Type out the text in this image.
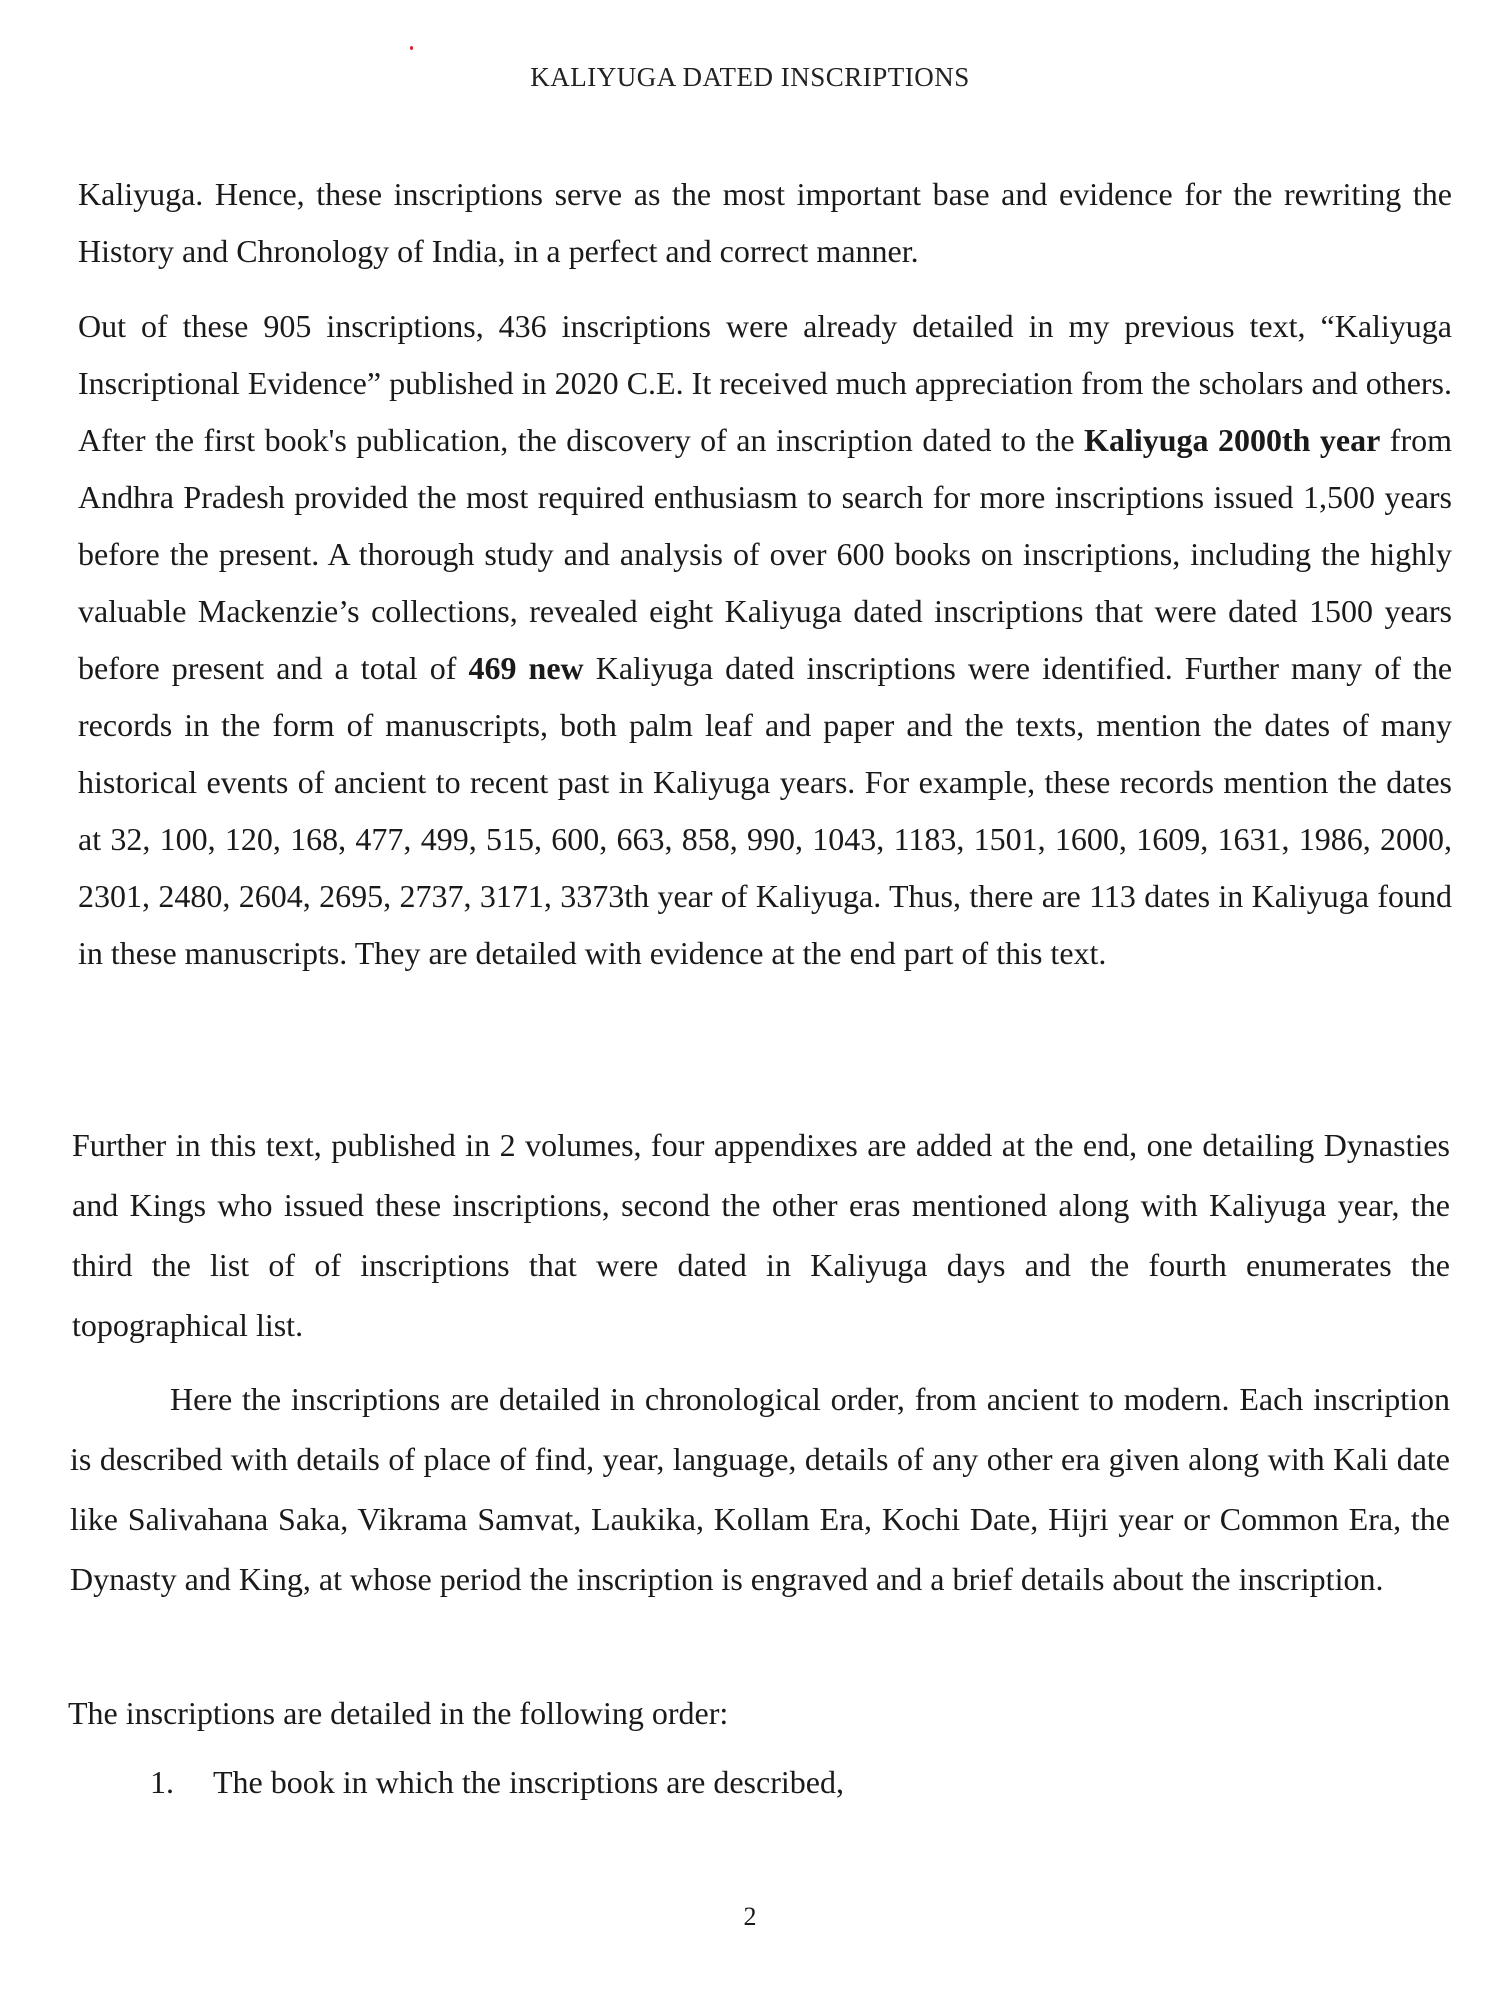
KALIYUGA DATED INSCRIPTIONS

Kaliyuga. Hence, these inscriptions serve as the most important base and evidence for the rewriting the History and Chronology of India, in a perfect and correct manner.

Out of these 905 inscriptions, 436 inscriptions were already detailed in my previous text, “Kaliyuga Inscriptional Evidence” published in 2020 C.E. It received much appreciation from the scholars and others. After the first book's publication, the discovery of an inscription dated to the Kaliyuga 2000th year from Andhra Pradesh provided the most required enthusiasm to search for more inscriptions issued 1,500 years before the present. A thorough study and analysis of over 600 books on inscriptions, including the highly valuable Mackenzie’s collections, revealed eight Kaliyuga dated inscriptions that were dated 1500 years before present and a total of 469 new Kaliyuga dated inscriptions were identified. Further many of the records in the form of manuscripts, both palm leaf and paper and the texts, mention the dates of many historical events of ancient to recent past in Kaliyuga years. For example, these records mention the dates at 32, 100, 120, 168, 477, 499, 515, 600, 663, 858, 990, 1043, 1183, 1501, 1600, 1609, 1631, 1986, 2000, 2301, 2480, 2604, 2695, 2737, 3171, 3373th year of Kaliyuga. Thus, there are 113 dates in Kaliyuga found in these manuscripts. They are detailed with evidence at the end part of this text.

Further in this text, published in 2 volumes, four appendixes are added at the end, one detailing Dynasties and Kings who issued these inscriptions, second the other eras mentioned along with Kaliyuga year, the third the list of of inscriptions that were dated in Kaliyuga days and the fourth enumerates the topographical list.

Here the inscriptions are detailed in chronological order, from ancient to modern. Each inscription is described with details of place of find, year, language, details of any other era given along with Kali date like Salivahana Saka, Vikrama Samvat, Laukika, Kollam Era, Kochi Date, Hijri year or Common Era, the Dynasty and King, at whose period the inscription is engraved and a brief details about the inscription.

The inscriptions are detailed in the following order:

1.	The book in which the inscriptions are described,
2
